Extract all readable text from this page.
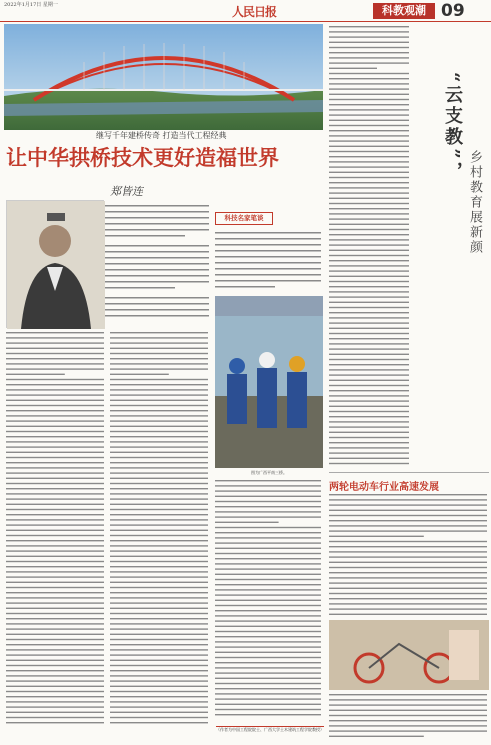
2022年1月17日 星期一	人民日报	科教观潮 09
继写千年建桥传奇 打造当代工程经典
让中华拱桥技术更好造福世界
郑皆连
科技名家笔谈
图为广西平南三桥。
（作者为中国工程院院士、广西大学土木建筑工程学院教授）
“云支教”，
乡村教育展新颜
两轮电动车行业高速发展
